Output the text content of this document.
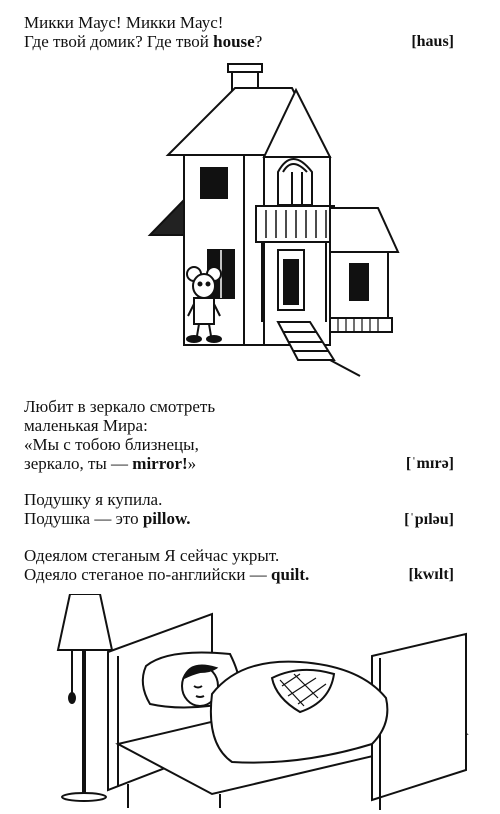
Микки Маус! Микки Маус!
Где твой домик? Где твой house?	[haus]
Любит в зеркало смотреть
маленькая Мира:
«Мы с тобою близнецы,
зеркало, ты — mirror!»	[ˈmɪrə]
Подушку я купила.
Подушка — это pillow.	[ˈpɪləu]
Одеялом стеганым Я сейчас укрыт.
Одеяло стеганое по-английски — quilt.	[kwɪlt]
